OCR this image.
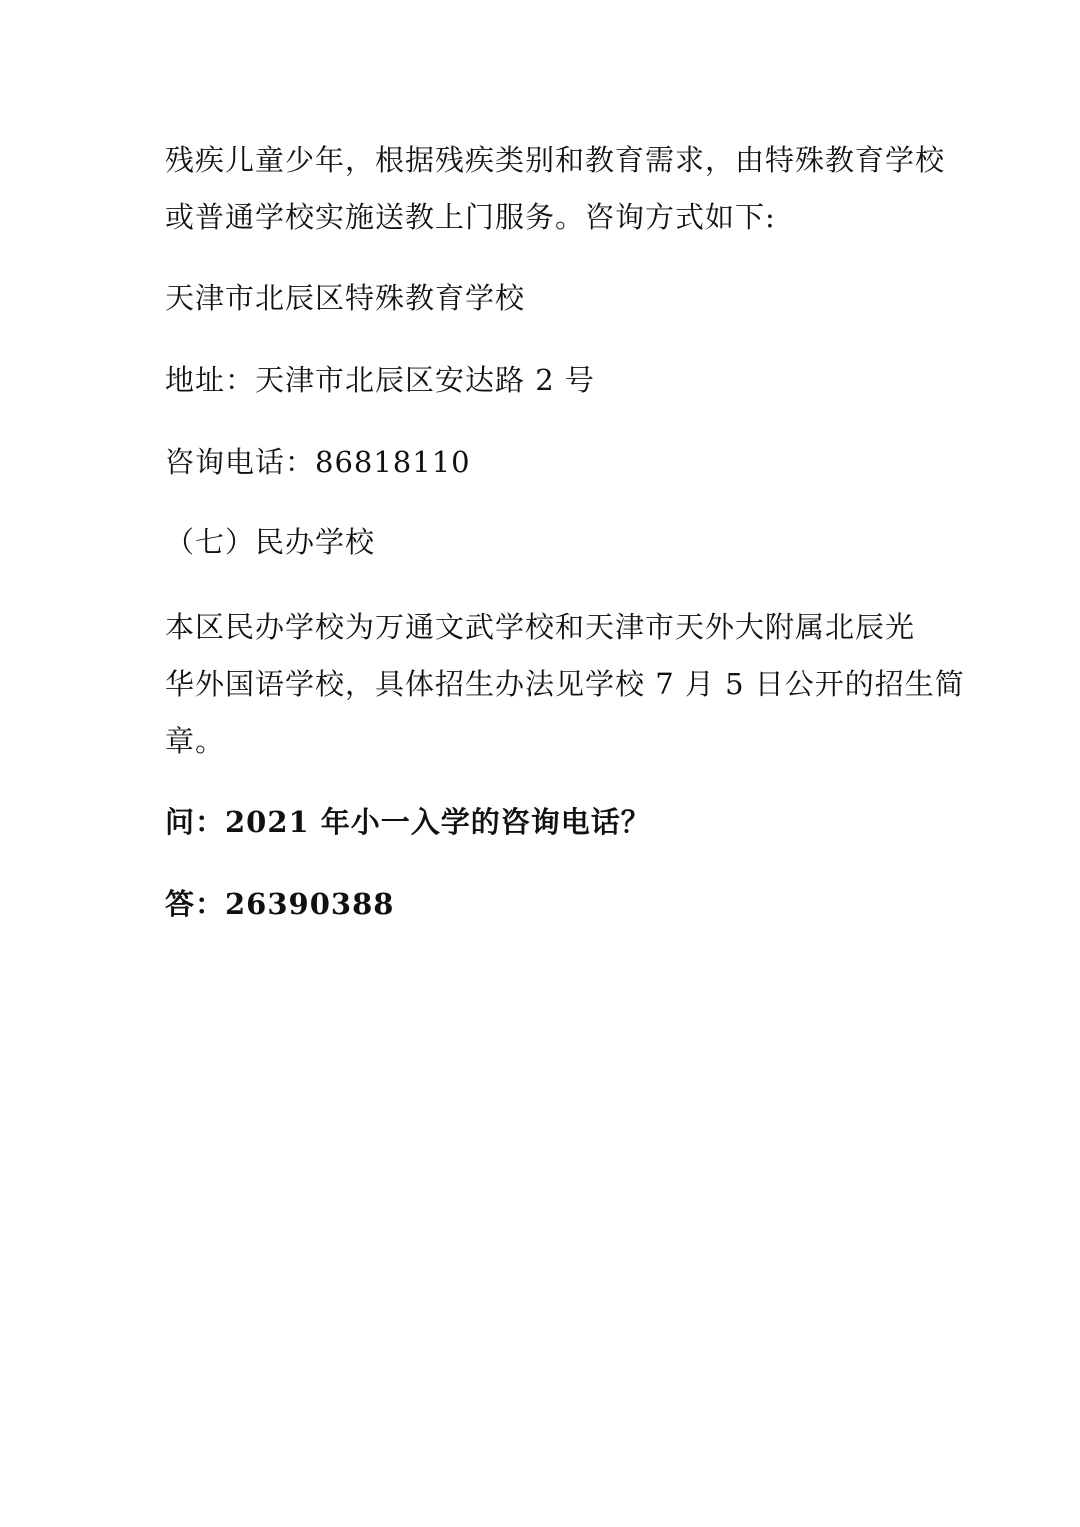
残疾儿童少年，根据残疾类别和教育需求，由特殊教育学校

或普通学校实施送教上门服务。咨询方式如下:

天津市北辰区特殊教育学校

地址：天津市北辰区安达路 2 号

咨询电话：86818110

（七）民办学校

本区民办学校为万通文武学校和天津市天外大附属北辰光

华外国语学校，具体招生办法见学校 7 月 5 日公开的招生简

章。

问：2021 年小一入学的咨询电话？

答：26390388
